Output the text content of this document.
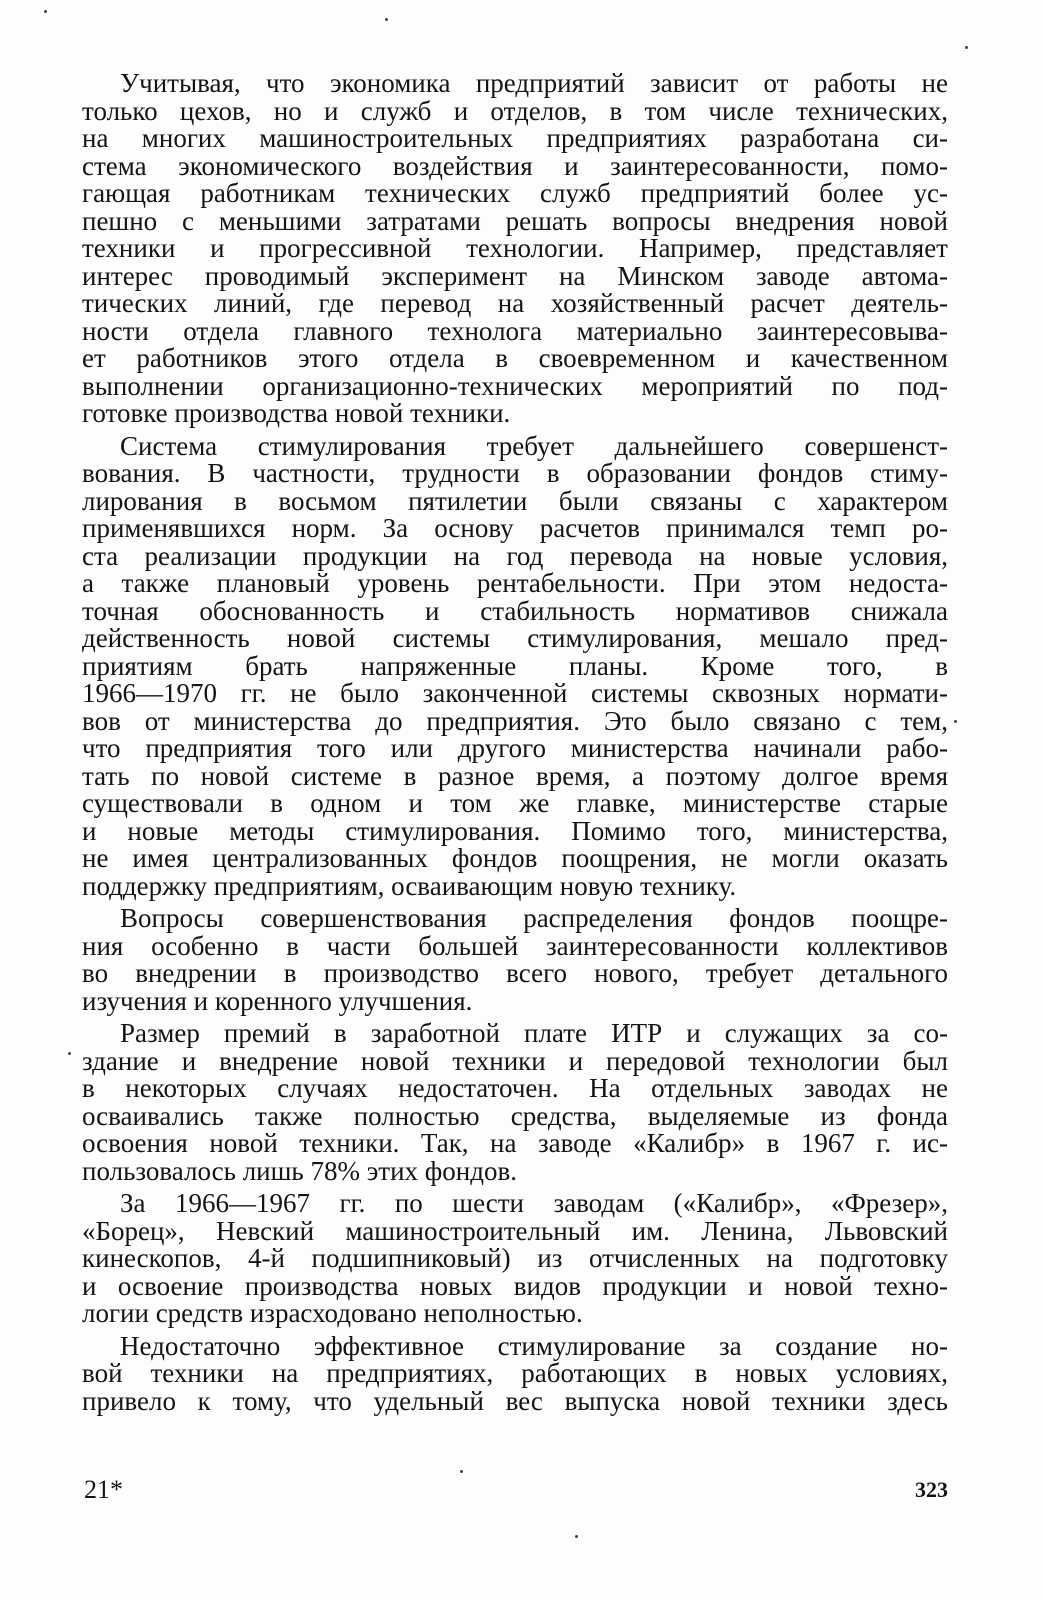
Учитывая, что экономика предприятий зависит от работы не
только цехов, но и служб и отделов, в том числе технических,
на многих машиностроительных предприятиях разработана си-
стема экономического воздействия и заинтересованности, помо-
гающая работникам технических служб предприятий более ус-
пешно с меньшими затратами решать вопросы внедрения новой
техники и прогрессивной технологии. Например, представляет
интерес проводимый эксперимент на Минском заводе автома-
тических линий, где перевод на хозяйственный расчет деятель-
ности отдела главного технолога материально заинтересовыва-
ет работников этого отдела в своевременном и качественном
выполнении организационно-технических мероприятий по под-
готовке производства новой техники.

Система стимулирования требует дальнейшего совершенст-
вования. В частности, трудности в образовании фондов стиму-
лирования в восьмом пятилетии были связаны с характером
применявшихся норм. За основу расчетов принимался темп ро-
ста реализации продукции на год перевода на новые условия,
а также плановый уровень рентабельности. При этом недоста-
точная обоснованность и стабильность нормативов снижала
действенность новой системы стимулирования, мешало пред-
приятиям брать напряженные планы. Кроме того, в
1966—1970 гг. не было законченной системы сквозных нормати-
вов от министерства до предприятия. Это было связано с тем,
что предприятия того или другого министерства начинали рабо-
тать по новой системе в разное время, а поэтому долгое время
существовали в одном и том же главке, министерстве старые
и новые методы стимулирования. Помимо того, министерства,
не имея централизованных фондов поощрения, не могли оказать
поддержку предприятиям, осваивающим новую технику.

Вопросы совершенствования распределения фондов поощре-
ния особенно в части большей заинтересованности коллективов
во внедрении в производство всего нового, требует детального
изучения и коренного улучшения.

Размер премий в заработной плате ИТР и служащих за со-
здание и внедрение новой техники и передовой технологии был
в некоторых случаях недостаточен. На отдельных заводах не
осваивались также полностью средства, выделяемые из фонда
освоения новой техники. Так, на заводе «Калибр» в 1967 г. ис-
пользовалось лишь 78% этих фондов.

За 1966—1967 гг. по шести заводам («Калибр», «Фрезер»,
«Борец», Невский машиностроительный им. Ленина, Львовский
кинескопов, 4-й подшипниковый) из отчисленных на подготовку
и освоение производства новых видов продукции и новой техно-
логии средств израсходовано неполностью.

Недостаточно эффективное стимулирование за создание но-
вой техники на предприятиях, работающих в новых условиях,
привело к тому, что удельный вес выпуска новой техники здесь

21*	323
